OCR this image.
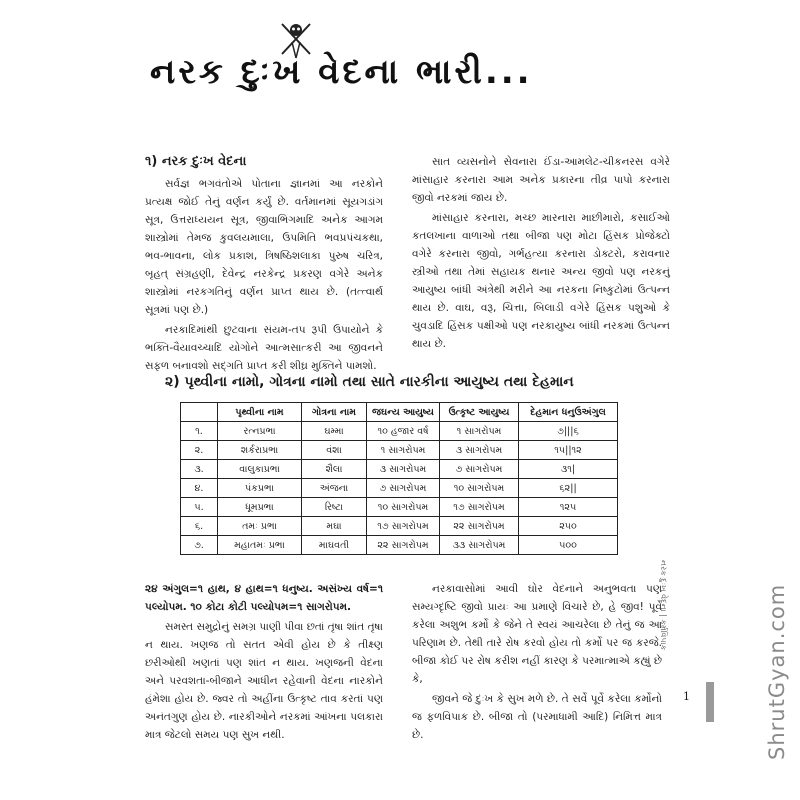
નરક દુઃખ વેદના ભારી...
૧) નરક દુઃખ વેદના

સર્વજ્ઞ ભગવંતોએ પોતાના જ્ઞાનમાં આ નરકોને પ્રત્યક્ષ જોઈ તેનું વર્ણન કર્યું છે. વર્તમાનમાં સૂયગડાંગ સૂત્ર, ઉત્તરાધ્યયન સૂત્ર, જીવાભિગમાદિ અનેક આગમ શાસ્ત્રોમાં તેમજ કુવલયમાલા, ઉપમિતિ ભવપ્રપંચકથા, ભવ-ભાવના, લોક પ્રકાશ, ત્રિષષ્ઠિશલાકા પુરુષ ચરિત્ર, બૃહત્ સંગ્રહણી, દેવેન્દ્ર નરકેન્દ્ર પ્રકરણ વગેરે અનેક શાસ્ત્રોમાં નરકગતિનું વર્ણન પ્રાપ્ત થાય છે. (તત્ત્વાર્થ સૂત્રમાં પણ છે.)

નરકાદિમાંથી છુટવાના સંયમ-તપ રૂપી ઉપાયોને કે ભક્તિ-વૈયાવચ્ચાદિ યોગોને આત્મસાત્કરી આ જીવનને સફળ બનાવશો સદ્ગતિ પ્રાપ્ત કરી શીઘ્ર મુક્તિને પામશો.

સાત વ્યસનોને સેવનારા ઈંડા-આમલેટ-ચીકનરસ વગેરે માંસાહાર કરનારા આમ અનેક પ્રકારના તીવ્ર પાપો કરનારા જીવો નરકમાં જાય છે.

માંસાહાર કરનારા, મચ્છ મારનારા માછીમારો, કસાઈઓ કતલખાના વાળાઓ તથા બીજા પણ મોટા હિંસક પ્રોજેક્ટો વગેરે કરનારા જીવો, ગર્ભહત્યા કરનારા ડોક્ટરો, કરાવનાર સ્ત્રીઓ તથા તેમાં સહાયક થનાર અન્ય જીવો પણ નરકનું આયુષ્ય બાંધી અંત્રેથી મરીને આ નરકના નિષ્કુટોમાં ઉત્પન્ન થાય છે. વાઘ, વરૂ, ચિત્તા, બિલાડી વગેરે હિંસક પશુઓ કે ચુવડાદિ હિંસક પક્ષીઓ પણ નરકાયુષ્ય બાંધી નરકમાં ઉત્પન્ન થાય છે.

૨) પૃથ્વીના નામો, ગોત્રના નામો તથા સાતે નારકીના આયુષ્ય તથા દેહમાન
	પૃથ્વીના નામ	ગોત્રના નામ	જઘન્ય આયુષ્ય	ઉત્કૃષ્ટ આયુષ્ય	દેહમાન ધનુઉઅંગુલ
૧.	રત્નપ્રભા	ઘમ્મા	૧૦ હજાર વર્ષ	૧ સાગરોપમ	૭|||૬
૨.	શર્કરાપ્રભા	વંશા	૧ સાગરોપમ	૩ સાગરોપમ	૧૫||૧૨
૩.	વાલુકાપ્રભા	શૈલા	૩ સાગરોપમ	૭ સાગરોપમ	૩૧|
૪.	પંકપ્રભા	અંજના	૭ સાગરોપમ	૧૦ સાગરોપમ	૬૨||
૫.	ધૂમપ્રભા	રિષ્ટા	૧૦ સાગરોપમ	૧૭ સાગરોપમ	૧૨૫
૬.	તમઃ પ્રભા	મઘા	૧૭ સાગરોપમ	૨૨ સાગરોપમ	૨૫૦
૭.	મહાતમઃ પ્રભા	માઘવતી	૨૨ સાગરોપમ	૩૩ સાગરોપમ	૫૦૦

૨૪ અંગુલ=૧ હાથ, ૪ હાથ=૧ ધનુષ્ય. અસંખ્ય વર્ષ=૧ પલ્યોપમ. ૧૦ કોટા કોટી પલ્યોપમ=૧ સાગરોપમ.

સમસ્ત સમુદ્રોનું સમગ્ર પાણી પીવા છતાં તૃષા શાંત તૃષા ન થાય. ખણજ તો સતત એવી હોય છે કે તીક્ષ્ણ છરીઓથી ખણતાં પણ શાંત ન થાય. ખણજની વેદના અને પરવશતા-બીજાને આધીન રહેવાની વેદના નારકોને હંમેશા હોય છે. જ્વર તો અહીંના ઉત્કૃષ્ટ તાવ કરતાં પણ અનંતગુણ હોય છે. નારકીઓને નરકમાં આંખના પલકારા માત્ર જેટલો સમય પણ સુખ નથી.

નરકાવાસોમાં આવી ઘોર વેદનાને અનુભવતા પણ સમ્યગ્દૃષ્ટિ જીવો પ્રાયઃ આ પ્રમાણે વિચારે છે, હે જીવ! પૂર્વે કરેલા અશુભ કર્મો કે જેને તે સ્વયં આચરેલા છે તેનું જ આ પરિણામ છે. તેથી તારે રોષ કરવો હોય તો કર્મો પર જ કરજે. બીજા કોઈ પર રોષ કરીશ નહીં કારણ કે પરમાત્માએ કહ્યું છે કે,

જીવને જે દુઃખ કે સુખ મળે છે. તે સર્વે પૂર્વે કરેલા કર્મોનો જ ફળવિપાક છે. બીજા તો (પરમાધામી આદિ) નિમિત્ત માત્ર છે.

નરક દુઃખ વેદના | કર્મવિપાક
1	ShrutGyan.com
